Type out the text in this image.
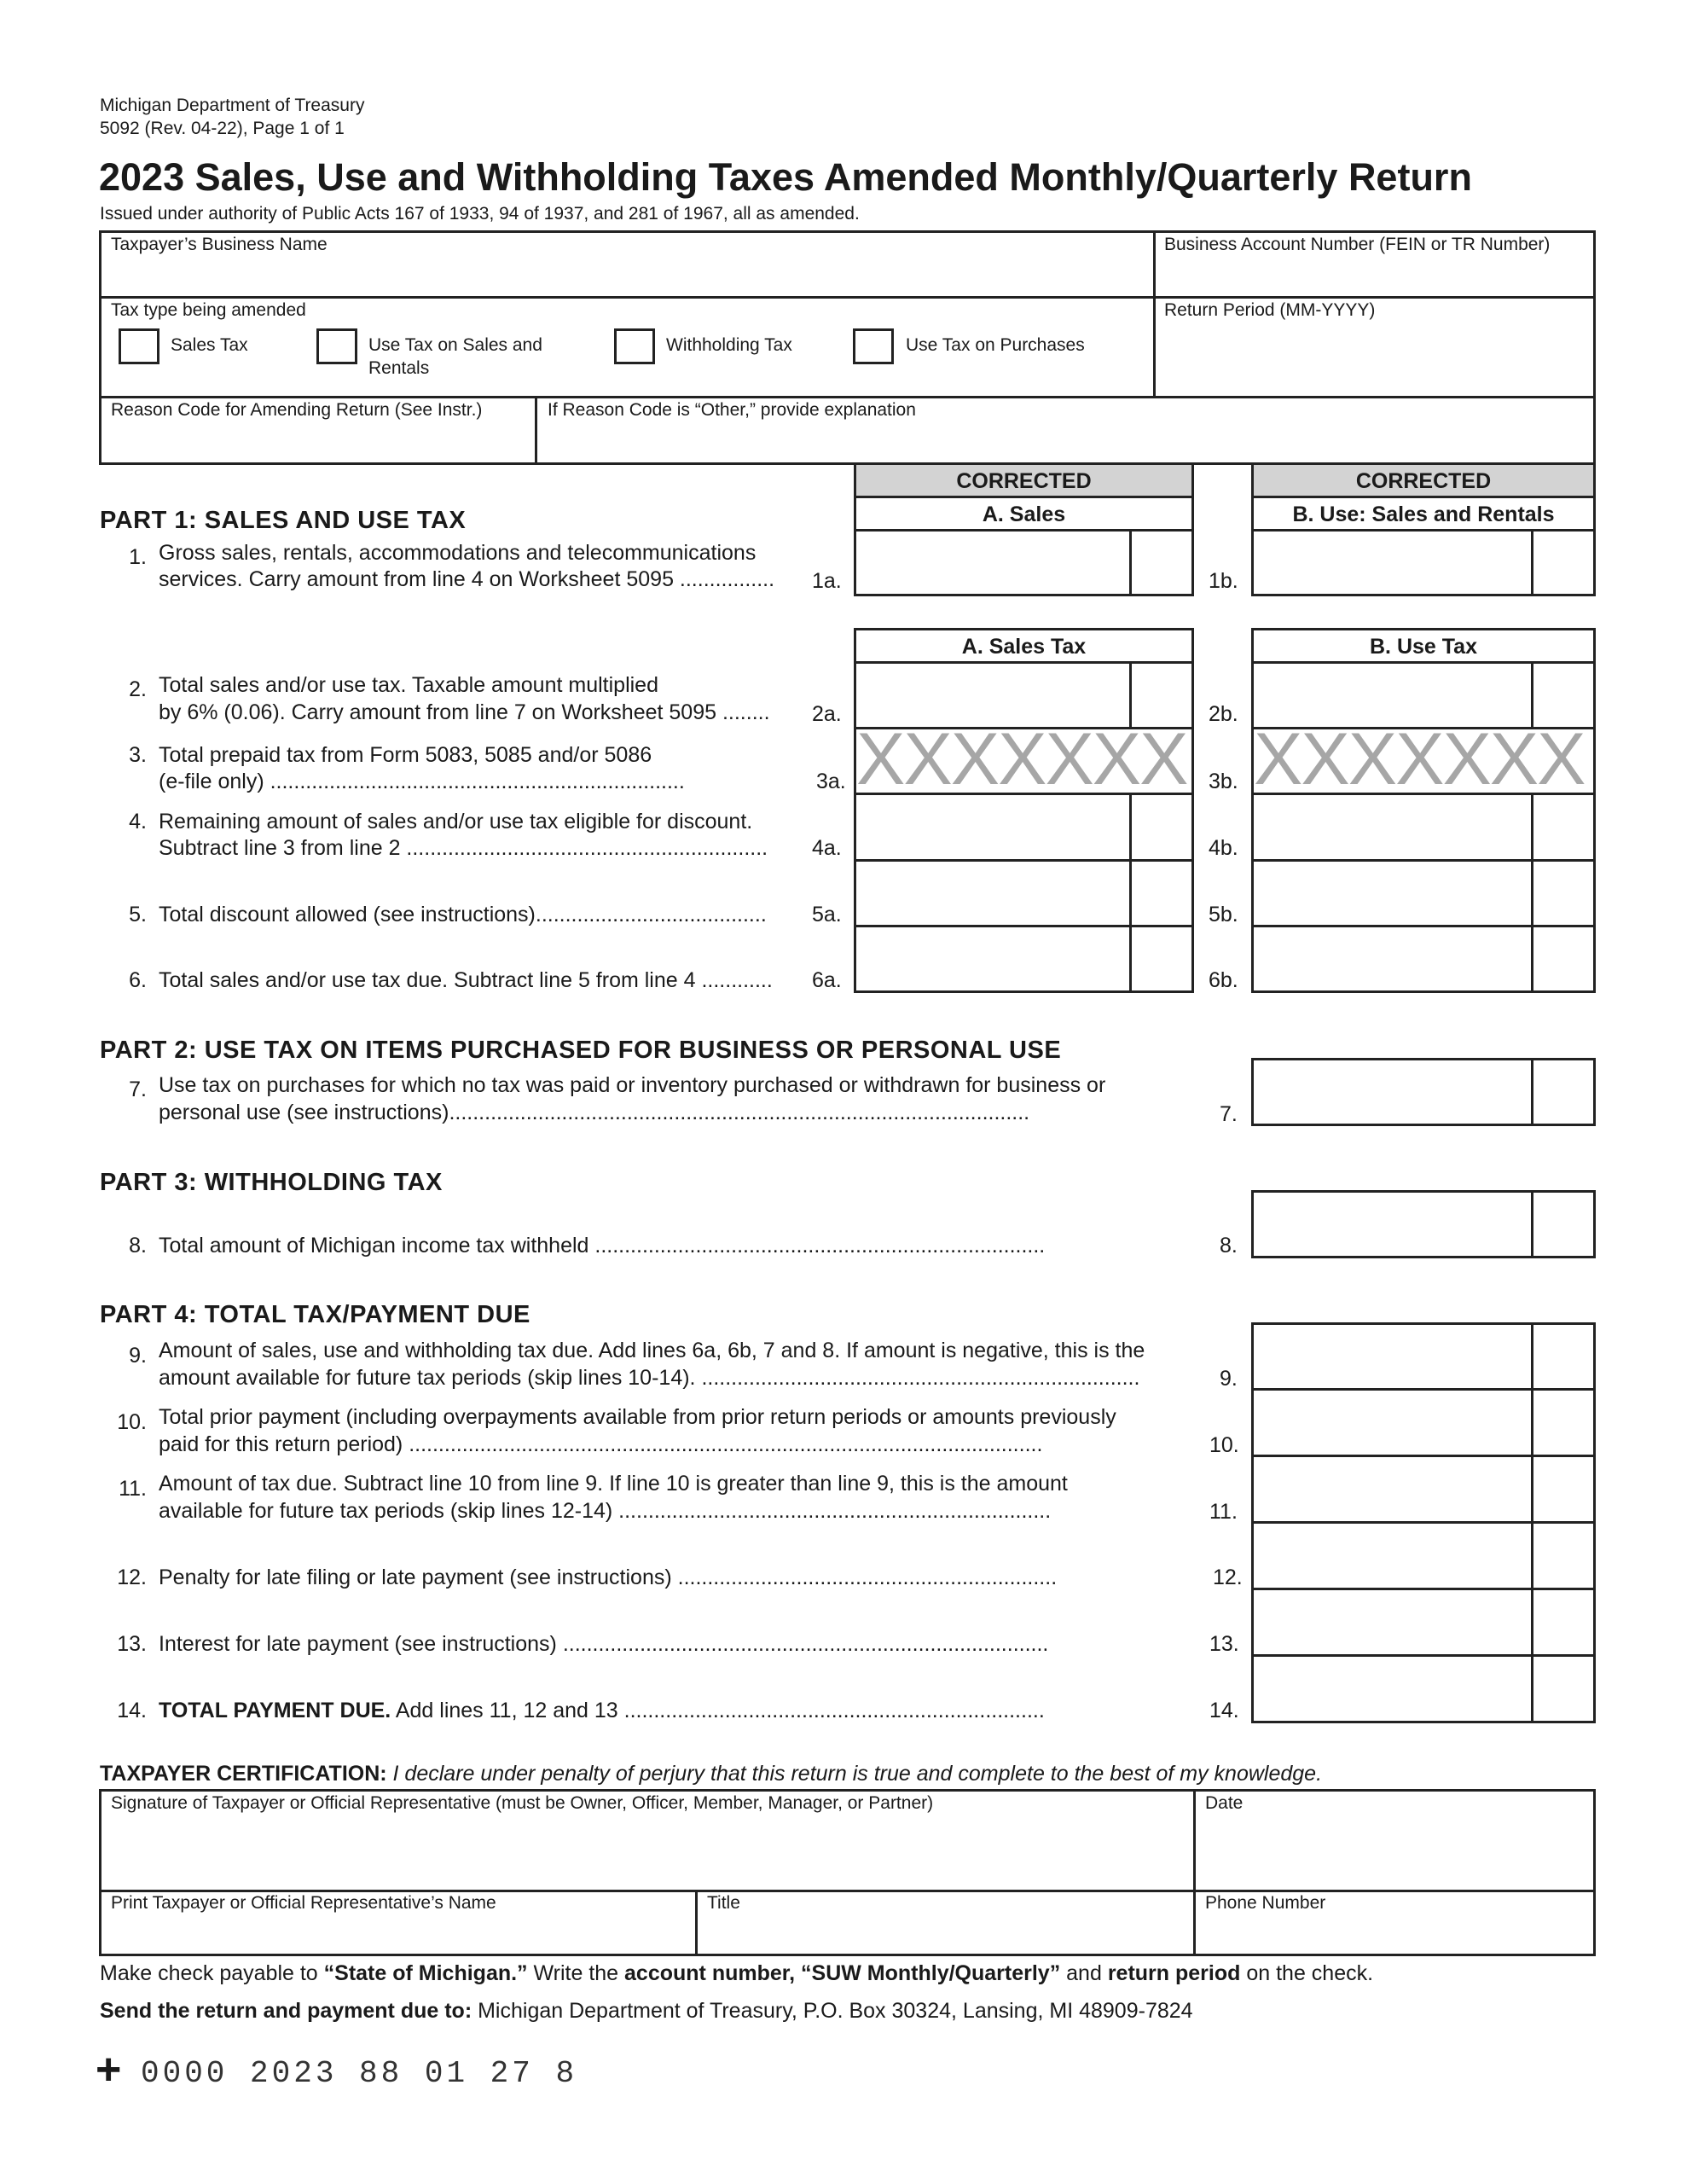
Michigan Department of Treasury
5092 (Rev. 04-22), Page 1 of 1
2023 Sales, Use and Withholding Taxes Amended Monthly/Quarterly Return
Issued under authority of Public Acts 167 of 1933, 94 of 1937, and 281 of 1967, all as amended.
Taxpayer’s Business Name	Business Account Number (FEIN or TR Number)
Tax type being amended
Sales Tax	Use Tax on Sales and
Rentals
Withholding Tax	Use Tax on Purchases
Return Period (MM-YYYY)
Reason Code for Amending Return (See Instr.)	If Reason Code is “Other,” provide explanation
CORRECTED
A. Sales
CORRECTED
B. Use: Sales and Rentals
PART 1: SALES AND USE TAX
1. Gross sales, rentals, accommodations and telecommunications
services. Carry amount from line 4 on Worksheet 5095 ................ 1a.	1b.
A. Sales Tax	B. Use Tax
2. Total sales and/or use tax. Taxable amount multiplied
by 6% (0.06). Carry amount from line 7 on Worksheet 5095 ........ 2a.	2b.
3. Total prepaid tax from Form 5083, 5085 and/or 5086
(e-file only) ......................................................................	3a. XXXXXXX	3b. XXXXXXX
4. Remaining amount of sales and/or use tax eligible for discount.
Subtract line 3 from line 2 ............................................................. 4a.	4b.
5. Total discount allowed (see instructions)....................................... 5a.	5b.
6. Total sales and/or use tax due. Subtract line 5 from line 4 ............ 6a.	6b.
PART 2: USE TAX ON ITEMS PURCHASED FOR BUSINESS OR PERSONAL USE
7. Use tax on purchases for which no tax was paid or inventory purchased or withdrawn for business or
personal use (see instructions)..................................................................................................	7.
PART 3: WITHHOLDING TAX
8. Total amount of Michigan income tax withheld ............................................................................	8.
PART 4: TOTAL TAX/PAYMENT DUE
9. Amount of sales, use and withholding tax due. Add lines 6a, 6b, 7 and 8. If amount is negative, this is the
amount available for future tax periods (skip lines 10-14). ..........................................................................	9.
10. Total prior payment (including overpayments available from prior return periods or amounts previously
paid for this return period) ...........................................................................................................	10.
11. Amount of tax due. Subtract line 10 from line 9. If line 10 is greater than line 9, this is the amount
available for future tax periods (skip lines 12-14) .........................................................................	11.
12. Penalty for late filing or late payment (see instructions) ................................................................	12.
13. Interest for late payment (see instructions) ..................................................................................	13.
14. TOTAL PAYMENT DUE. Add lines 11, 12 and 13 .......................................................................	14.
TAXPAYER CERTIFICATION: I declare under penalty of perjury that this return is true and complete to the best of my knowledge.
Signature of Taxpayer or Official Representative (must be Owner, Officer, Member, Manager, or Partner)	Date
Print Taxpayer or Official Representative’s Name	Title	Phone Number
Make check payable to “State of Michigan.” Write the account number, “SUW Monthly/Quarterly” and return period on the check.
Send the return and payment due to: Michigan Department of Treasury, P.O. Box 30324, Lansing, MI 48909-7824
+ 0000 2023 88 01 27 8
